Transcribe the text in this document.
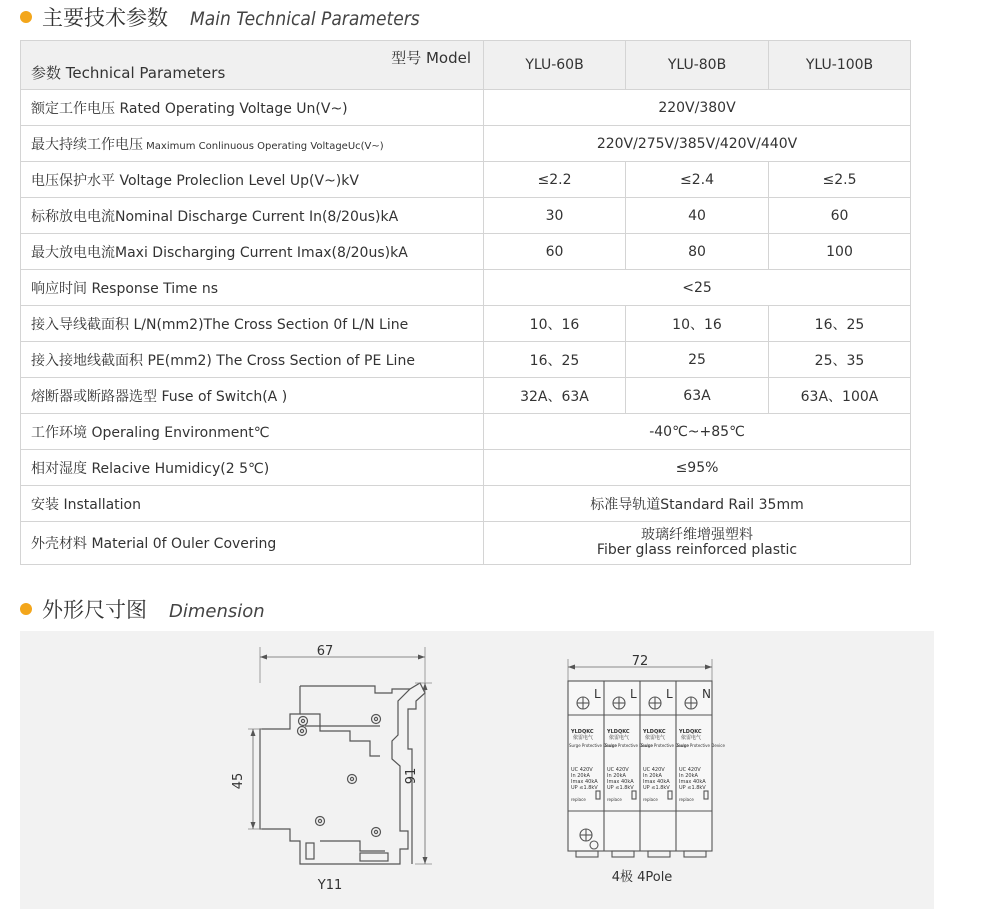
主要技术参数 Main Technical Parameters
型号 Model
参数 Technical Parameters	YLU-60B	YLU-80B	YLU-100B
额定工作电压 Rated Operating Voltage Un(V~)	220V/380V		
最大持续工作电压 Maximum Conlinuous Operating VoltageUc(V~)	220V/275V/385V/420V/440V		
电压保护水平 Voltage Proleclion Level Up(V~)kV	≤2.2	≤2.4	≤2.5
标称放电电流Nominal Discharge Current In(8/20us)kA	30	40	60
最大放电电流Maxi Discharging Current Imax(8/20us)kA	60	80	100
响应时间 Response Time ns	<25		
接入导线截面积 L/N(mm2)The Cross Section 0f L/N Line	10、16	10、16	16、25
接入接地线截面积 PE(mm2) The Cross Section of PE Line	16、25	25	25、35
熔断器或断路器选型 Fuse of Switch(A )	32A、63A	63A	63A、100A
工作环境 Operaling Environment℃	-40℃~+85℃		
相对湿度 Relacive Humidicy(2 5℃)	≤95%		
安装 Installation	标准导轨道Standard Rail 35mm		
外壳材料 Material 0f Ouler Covering	玻璃纤维增强塑料
Fiber glass reinforced plastic		
外形尺寸图 Dimension
67
45	91
Y11
72
L L L N
YLDQKC	YLDQKC	YLDQKC	YLDQKC
依雷电气	依雷电气	依雷电气	依雷电气
Surge Protective Device
Surge Protective Device
Surge Protective Device
Surge Protective Device
UC 420V
In 20kA
Imax 40kA
UP ≤1.8kV
UC 420V
In 20kA
Imax 40kA
UP ≤1.8kV
UC 420V
In 20kA
Imax 40kA
UP ≤1.8kV
UC 420V
In 20kA
Imax 40kA
UP ≤1.8kV
replace	replace	replace	replace
4极 4Pole
